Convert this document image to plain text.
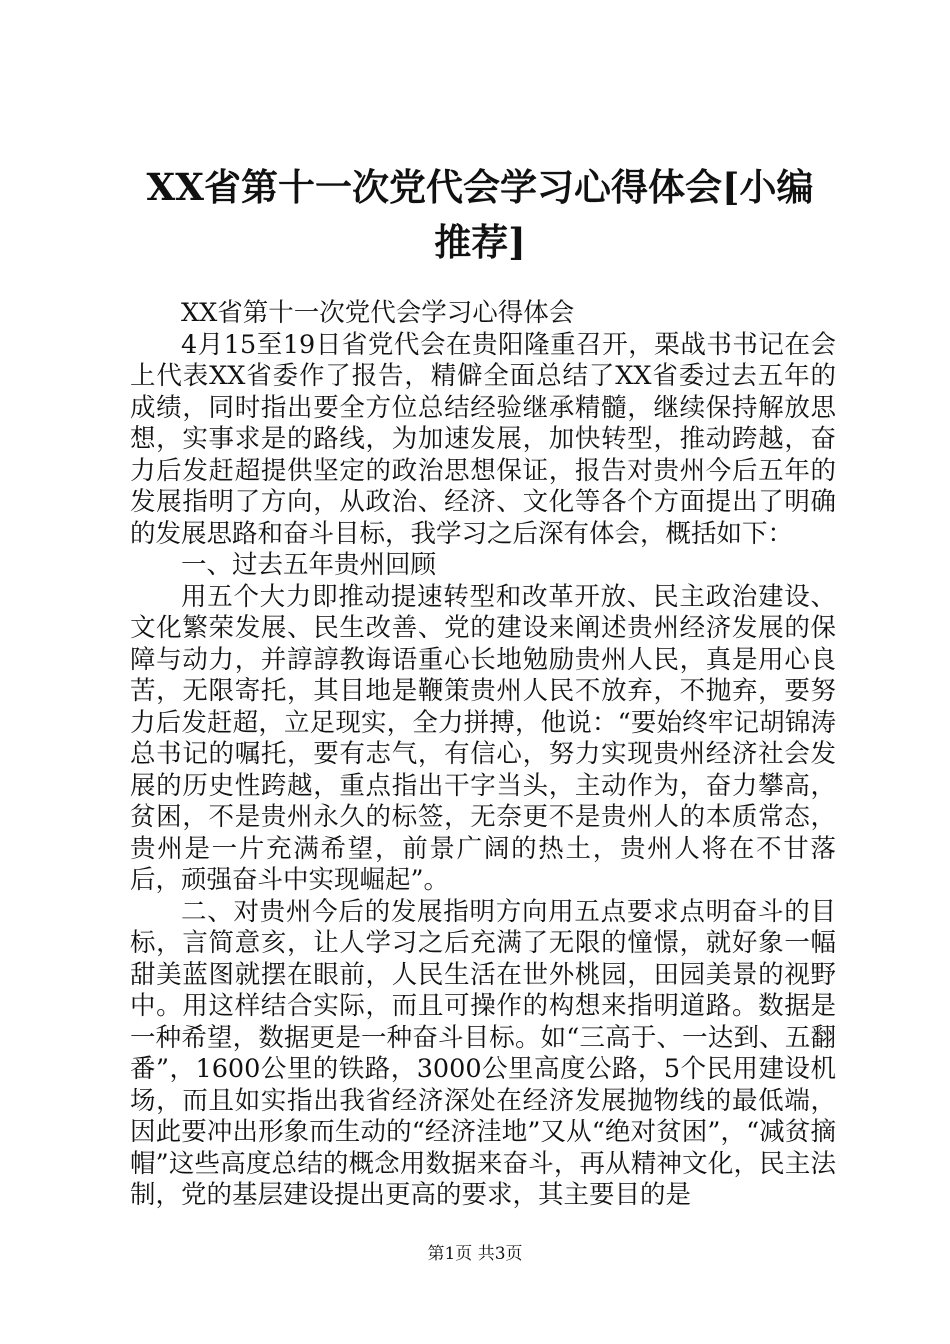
XX省第十一次党代会学习心得体会[小编推荐]

XX省第十一次党代会学习心得体会

4月15至19日省党代会在贵阳隆重召开，栗战书书记在会上代表XX省委作了报告，精僻全面总结了XX省委过去五年的成绩，同时指出要全方位总结经验继承精髓，继续保持解放思想，实事求是的路线，为加速发展，加快转型，推动跨越，奋力后发赶超提供坚定的政治思想保证，报告对贵州今后五年的发展指明了方向，从政治、经济、文化等各个方面提出了明确的发展思路和奋斗目标，我学习之后深有体会，概括如下：

一、过去五年贵州回顾

用五个大力即推动提速转型和改革开放、民主政治建设、文化繁荣发展、民生改善、党的建设来阐述贵州经济发展的保障与动力，并諄諄教诲语重心长地勉励贵州人民，真是用心良苦，无限寄托，其目地是鞭策贵州人民不放弃，不抛弃，要努力后发赶超，立足现实，全力拼搏，他说：“要始终牢记胡锦涛总书记的嘱托，要有志气，有信心，努力实现贵州经济社会发展的历史性跨越，重点指出干字当头，主动作为，奋力攀高，贫困，不是贵州永久的标签，无奈更不是贵州人的本质常态，贵州是一片充满希望，前景广阔的热土，贵州人将在不甘落后，顽强奋斗中实现崛起”。

二、对贵州今后的发展指明方向用五点要求点明奋斗的目标，言简意亥，让人学习之后充满了无限的憧憬，就好象一幅甜美蓝图就摆在眼前，人民生活在世外桃园，田园美景的视野中。用这样结合实际，而且可操作的构想来指明道路。数据是一种希望，数据更是一种奋斗目标。如“三高于、一达到、五翻番”，1600公里的铁路，3000公里高度公路，5个民用建设机场，而且如实指出我省经济深处在经济发展抛物线的最低端，因此要冲出形象而生动的“经济洼地”又从“绝对贫困”，“减贫摘帽”这些高度总结的概念用数据来奋斗，再从精神文化，民主法制，党的基层建设提出更高的要求，其主要目的是

第1页 共3页
